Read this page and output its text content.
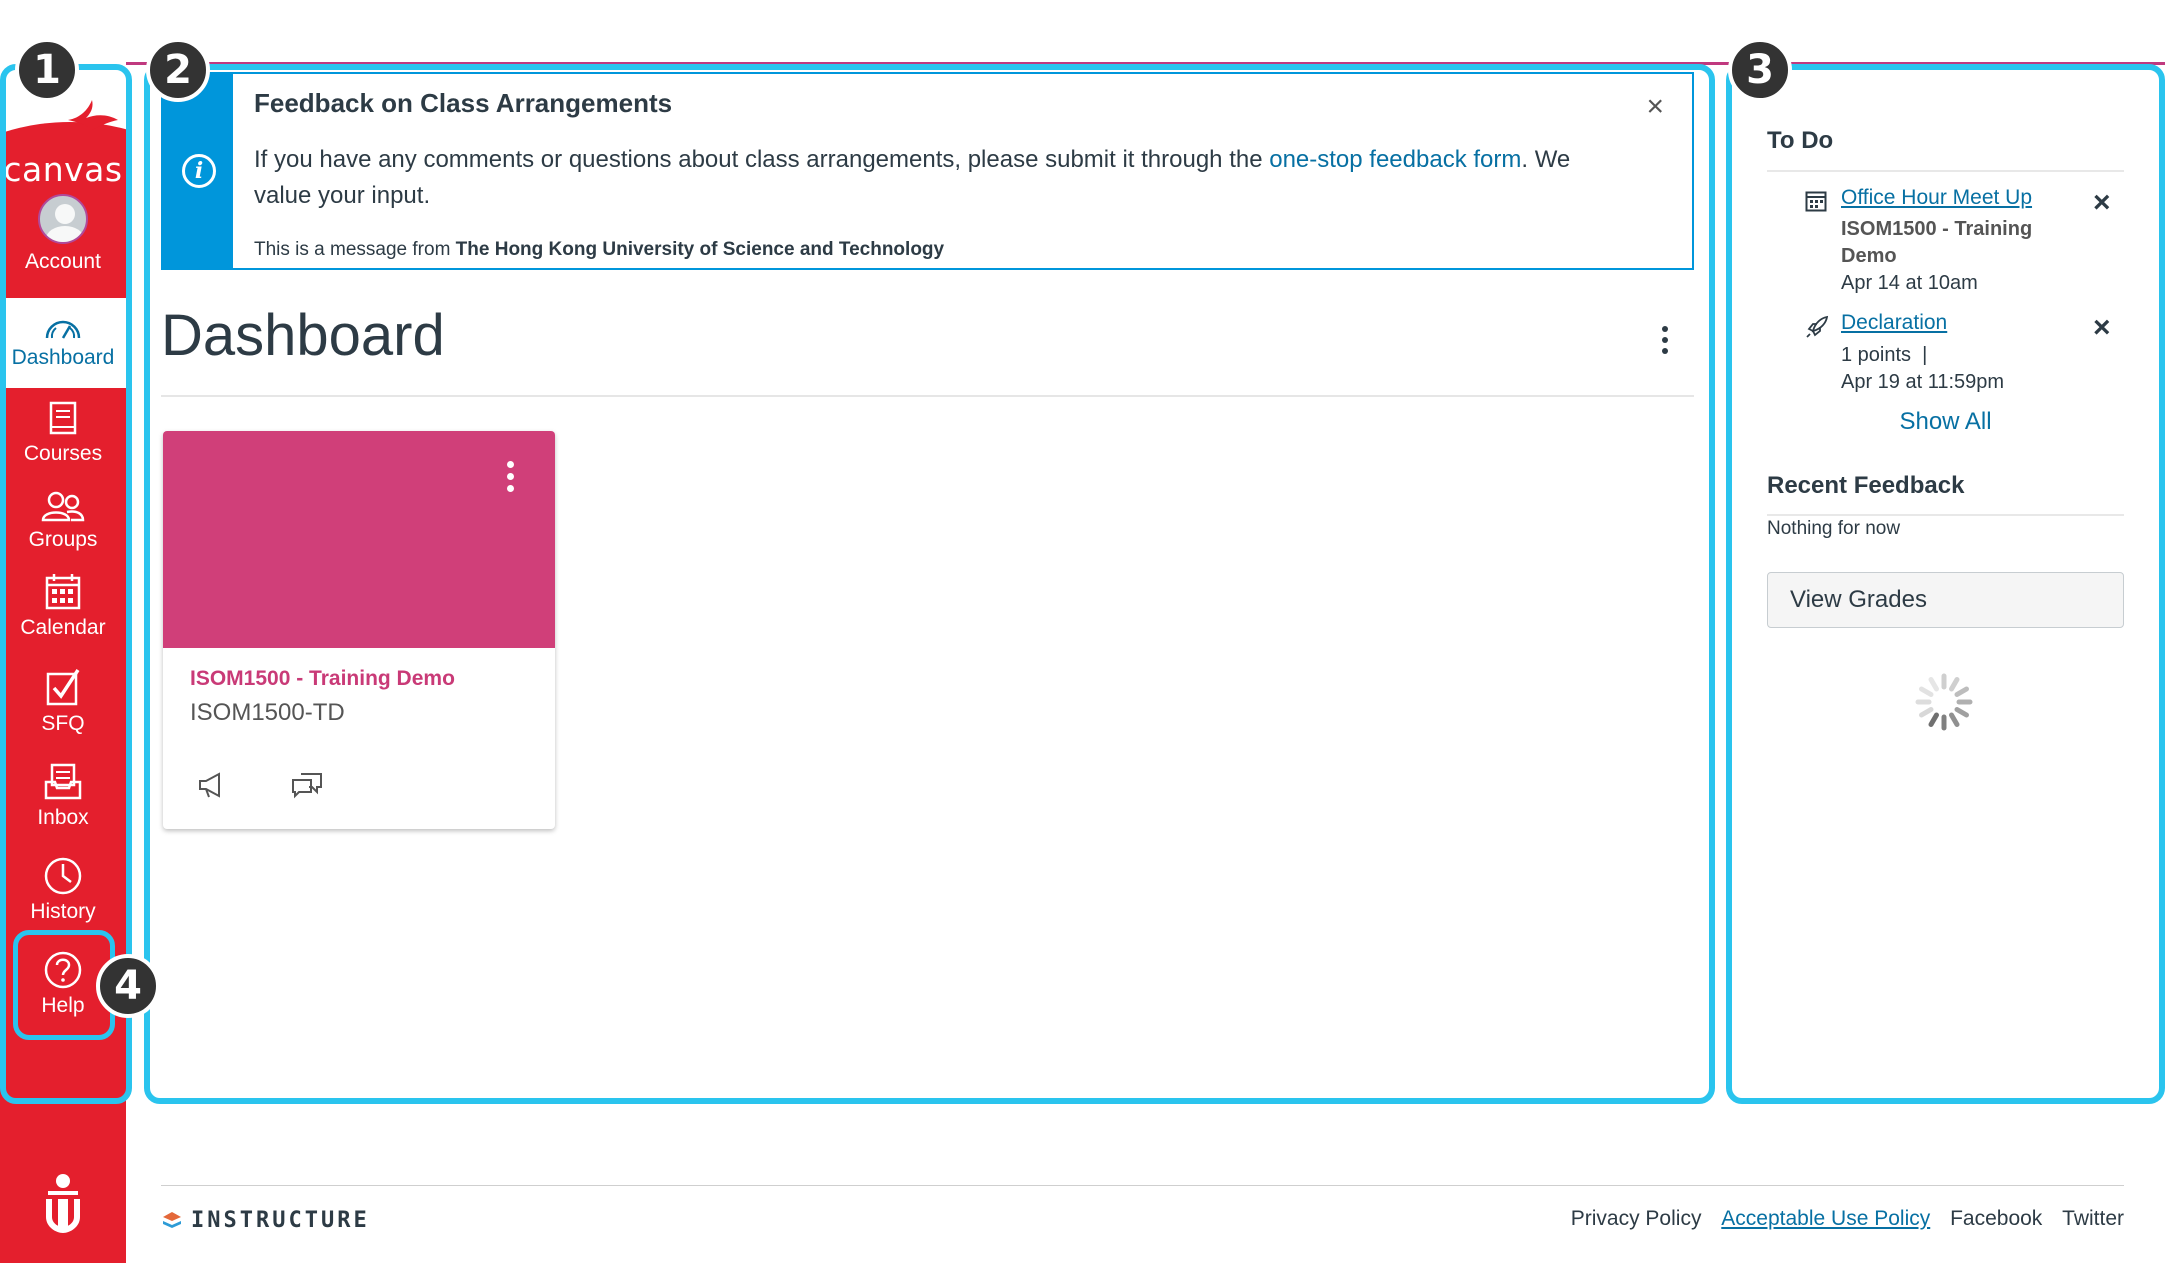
canvas
Account
Dashboard
Courses
Groups
Calendar
SFQ
Inbox
History
Help
i
Feedback on Class Arrangements	×
If you have any comments or questions about class arrangements, please submit it through the one-stop feedback form. We value your input.
This is a message from The Hong Kong University of Science and Technology
Dashboard
ISOM1500 - Training Demo
ISOM1500-TD

To Do
Office Hour Meet Up
ISOM1500 - Training Demo
Apr 14 at 10am
×
Declaration
1 points  |
Apr 19 at 11:59pm
×
Show All
Recent Feedback
Nothing for now
View Grades
1	2	3
4
INSTRUCTURE	Privacy Policy Acceptable Use Policy Facebook Twitter
